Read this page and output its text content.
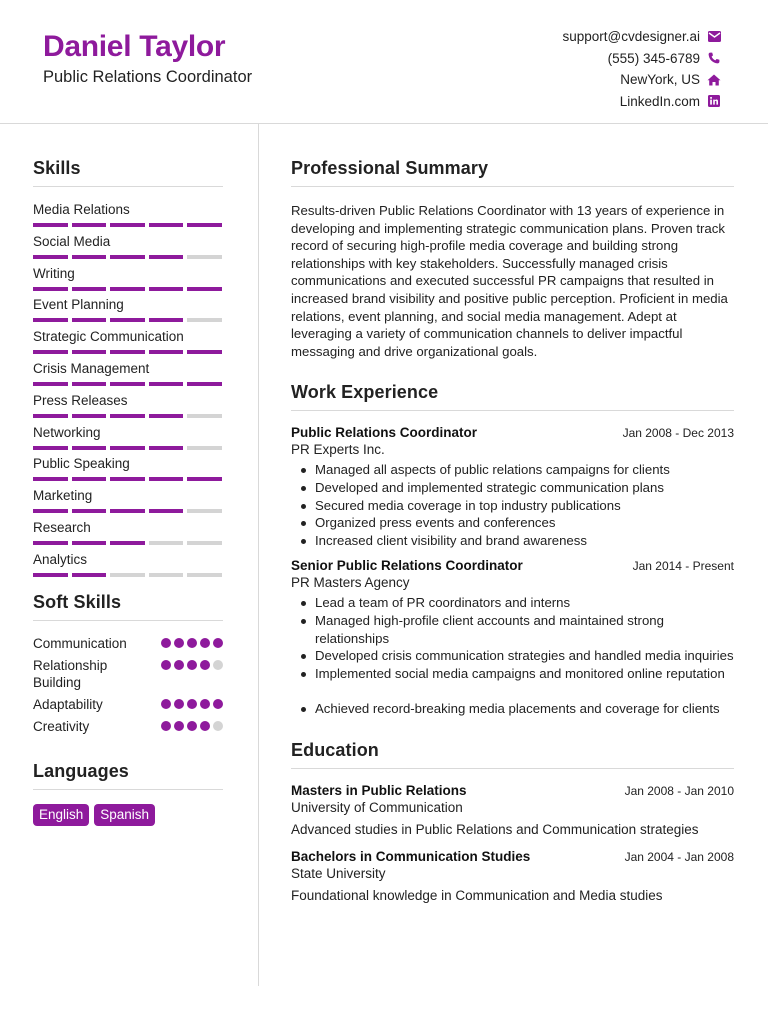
Daniel Taylor
Public Relations Coordinator
support@cvdesigner.ai
(555) 345-6789
NewYork, US
LinkedIn.com
Skills
Media Relations
Social Media
Writing
Event Planning
Strategic Communication
Crisis Management
Press Releases
Networking
Public Speaking
Marketing
Research
Analytics
Soft Skills
Communication
Relationship Building
Adaptability
Creativity
Languages
English	Spanish
Professional Summary
Results-driven Public Relations Coordinator with 13 years of experience in developing and implementing strategic communication plans. Proven track record of securing high-profile media coverage and building strong relationships with key stakeholders. Successfully managed crisis communications and executed successful PR campaigns that resulted in increased brand visibility and positive public perception. Proficient in media relations, event planning, and social media management. Adept at leveraging a variety of communication channels to deliver impactful messaging and drive organizational goals.
Work Experience
Public Relations Coordinator	Jan 2008 - Dec 2013
PR Experts Inc.
Managed all aspects of public relations campaigns for clients
Developed and implemented strategic communication plans
Secured media coverage in top industry publications
Organized press events and conferences
Increased client visibility and brand awareness
Senior Public Relations Coordinator	Jan 2014 - Present
PR Masters Agency
Lead a team of PR coordinators and interns
Managed high-profile client accounts and maintained strong relationships
Developed crisis communication strategies and handled media inquiries
Implemented social media campaigns and monitored online reputation
Achieved record-breaking media placements and coverage for clients
Education
Masters in Public Relations	Jan 2008 - Jan 2010
University of Communication
Advanced studies in Public Relations and Communication strategies
Bachelors in Communication Studies	Jan 2004 - Jan 2008
State University
Foundational knowledge in Communication and Media studies
